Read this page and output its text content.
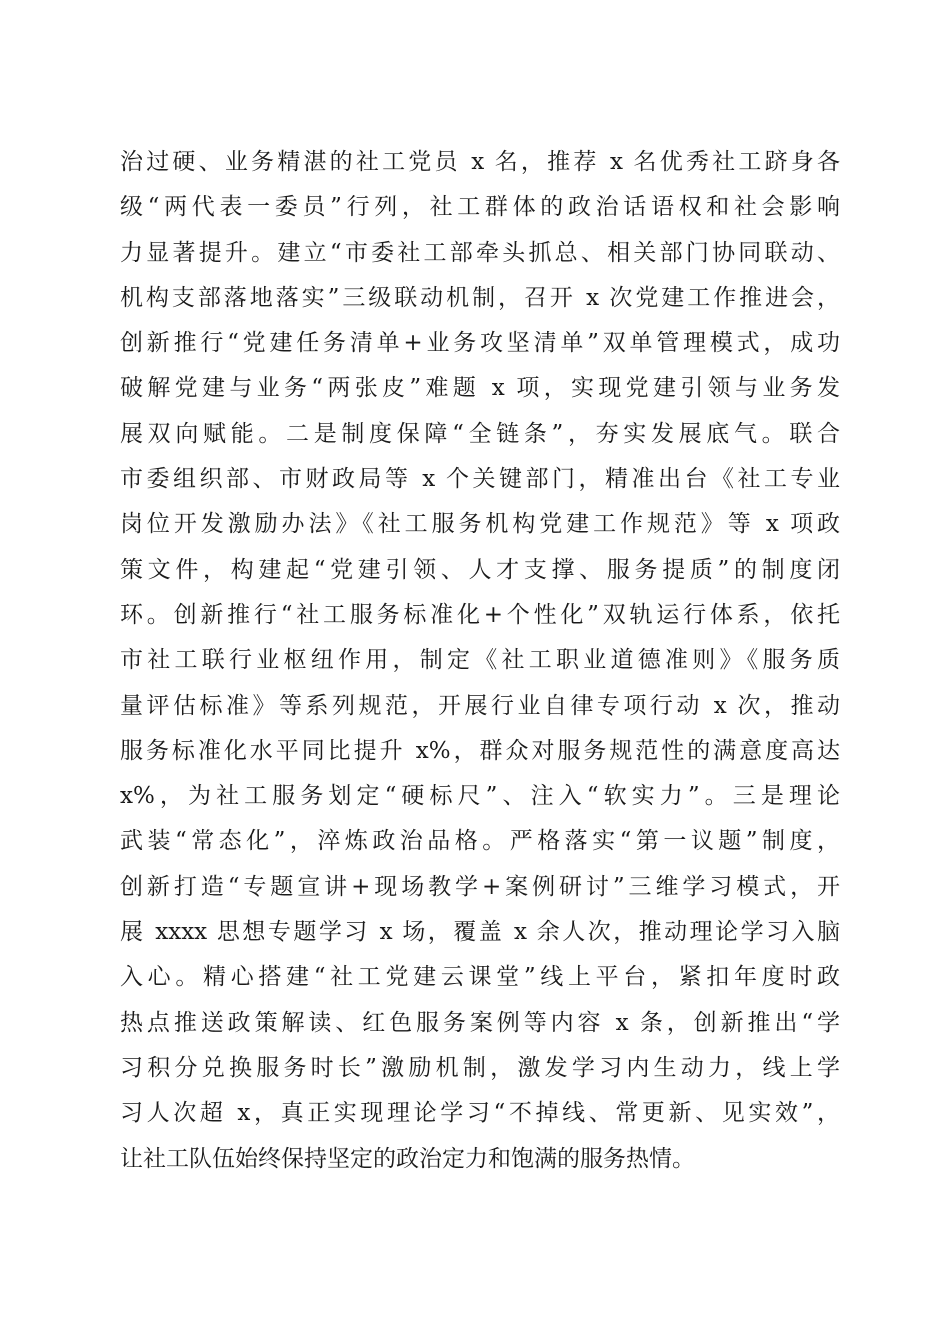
治过硬、业务精湛的社工党员 x 名，推荐 x 名优秀社工跻身各
级“两代表一委员”行列，社工群体的政治话语权和社会影响
力显著提升。建立“市委社工部牵头抓总、相关部门协同联动、
机构支部落地落实”三级联动机制，召开 x 次党建工作推进会，
创新推行“党建任务清单+业务攻坚清单”双单管理模式，成功
破解党建与业务“两张皮”难题 x 项，实现党建引领与业务发
展双向赋能。二是制度保障“全链条”，夯实发展底气。联合
市委组织部、市财政局等 x 个关键部门，精准出台《社工专业
岗位开发激励办法》《社工服务机构党建工作规范》等 x 项政
策文件，构建起“党建引领、人才支撑、服务提质”的制度闭
环。创新推行“社工服务标准化+个性化”双轨运行体系，依托
市社工联行业枢纽作用，制定《社工职业道德准则》《服务质
量评估标准》等系列规范，开展行业自律专项行动 x 次，推动
服务标准化水平同比提升 x%，群众对服务规范性的满意度高达
x%，为社工服务划定“硬标尺”、注入“软实力”。三是理论
武装“常态化”，淬炼政治品格。严格落实“第一议题”制度，
创新打造“专题宣讲+现场教学+案例研讨”三维学习模式，开
展 xxxx 思想专题学习 x 场，覆盖 x 余人次，推动理论学习入脑
入心。精心搭建“社工党建云课堂”线上平台，紧扣年度时政
热点推送政策解读、红色服务案例等内容 x 条，创新推出“学
习积分兑换服务时长”激励机制，激发学习内生动力，线上学
习人次超 x，真正实现理论学习“不掉线、常更新、见实效”，
让社工队伍始终保持坚定的政治定力和饱满的服务热情。
